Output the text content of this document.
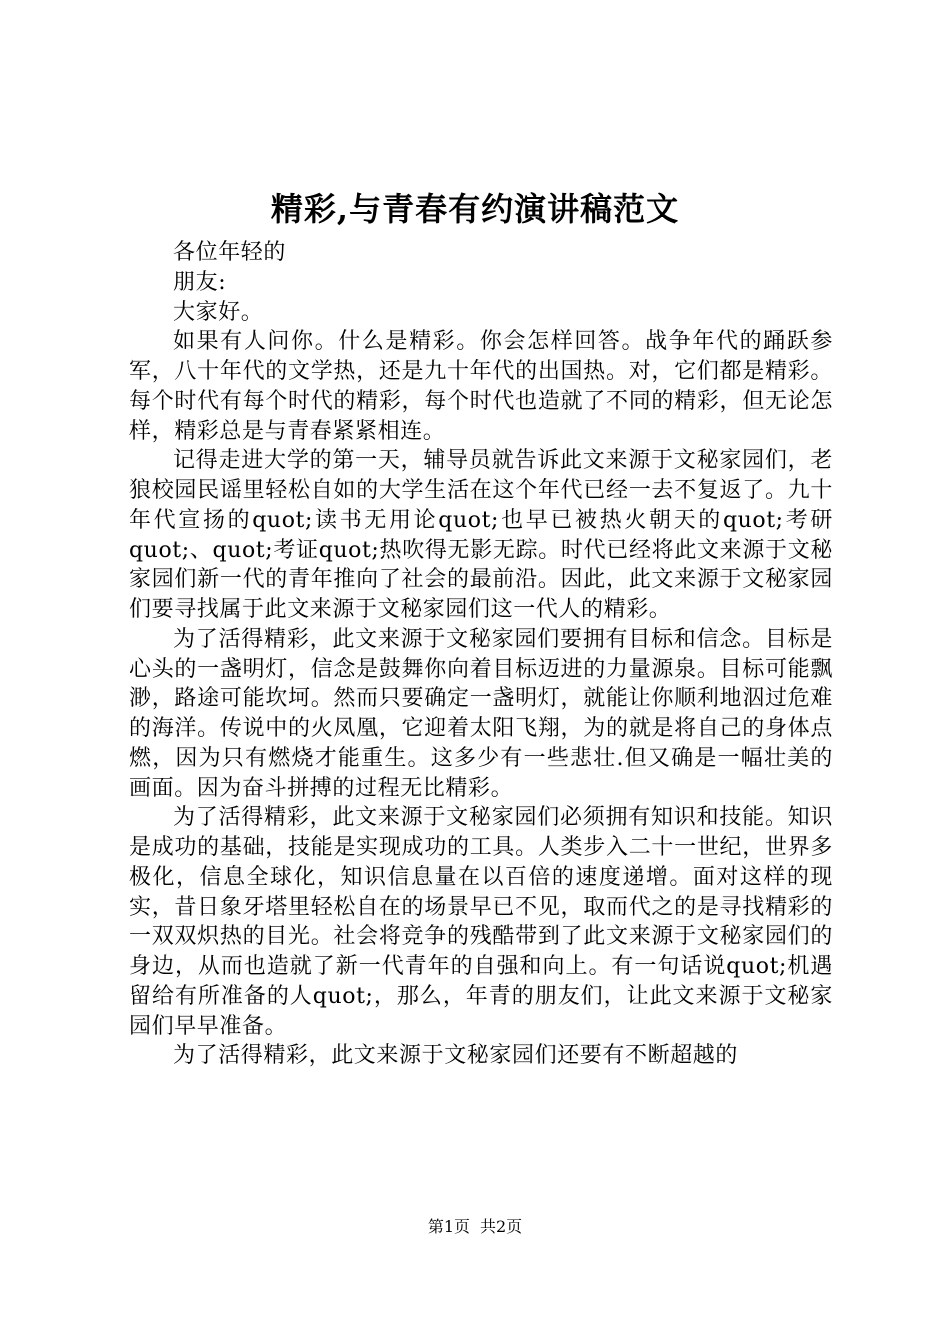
精彩,与青春有约演讲稿范文

各位年轻的

朋友:

大家好。

如果有人问你。什么是精彩。你会怎样回答。战争年代的踊跃参军，八十年代的文学热，还是九十年代的出国热。对，它们都是精彩。每个时代有每个时代的精彩，每个时代也造就了不同的精彩，但无论怎样，精彩总是与青春紧紧相连。

记得走进大学的第一天，辅导员就告诉此文来源于文秘家园们，老狼校园民谣里轻松自如的大学生活在这个年代已经一去不复返了。九十年代宣扬的quot;读书无用论quot;也早已被热火朝天的quot;考研quot;、quot;考证quot;热吹得无影无踪。时代已经将此文来源于文秘家园们新一代的青年推向了社会的最前沿。因此，此文来源于文秘家园们要寻找属于此文来源于文秘家园们这一代人的精彩。

为了活得精彩，此文来源于文秘家园们要拥有目标和信念。目标是心头的一盏明灯，信念是鼓舞你向着目标迈进的力量源泉。目标可能飘渺，路途可能坎坷。然而只要确定一盏明灯，就能让你顺利地泅过危难的海洋。传说中的火凤凰，它迎着太阳飞翔，为的就是将自己的身体点燃，因为只有燃烧才能重生。这多少有一些悲壮.但又确是一幅壮美的画面。因为奋斗拼搏的过程无比精彩。

为了活得精彩，此文来源于文秘家园们必须拥有知识和技能。知识是成功的基础，技能是实现成功的工具。人类步入二十一世纪，世界多极化，信息全球化，知识信息量在以百倍的速度递增。面对这样的现实，昔日象牙塔里轻松自在的场景早已不见，取而代之的是寻找精彩的一双双炽热的目光。社会将竞争的残酷带到了此文来源于文秘家园们的身边，从而也造就了新一代青年的自强和向上。有一句话说quot;机遇留给有所准备的人quot;，那么，年青的朋友们，让此文来源于文秘家园们早早准备。

为了活得精彩，此文来源于文秘家园们还要有不断超越的

第1页 共2页
